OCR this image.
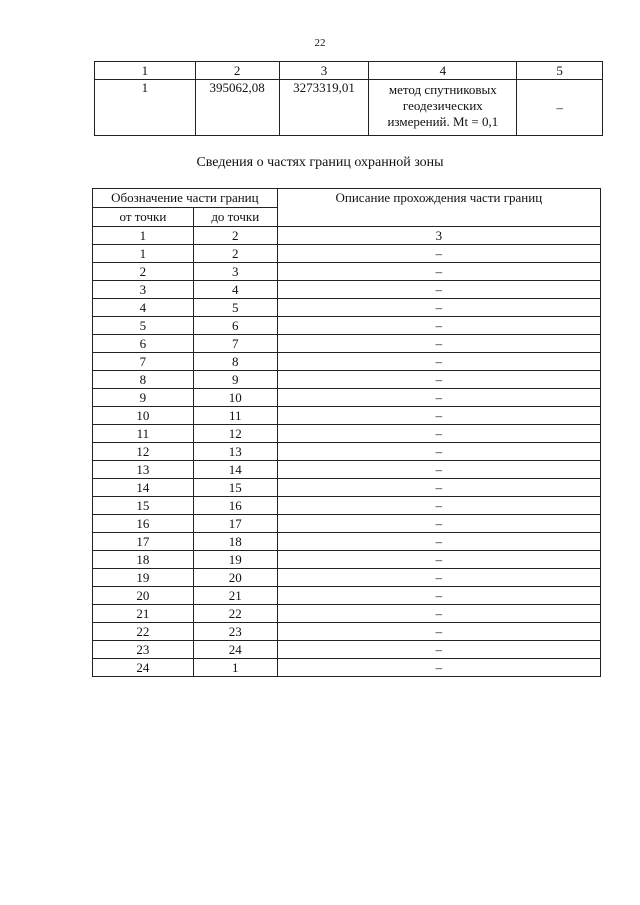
22
1	2	3	4	5
1	395062,08	3273319,01	метод спутниковых
геодезических
измерений. Mt = 0,1	–
Сведения о частях границ охранной зоны
Обозначение части границ		Описание прохождения части границ
от точки	до точки	
1	2	3
1	2	–
2	3	–
3	4	–
4	5	–
5	6	–
6	7	–
7	8	–
8	9	–
9	10	–
10	11	–
11	12	–
12	13	–
13	14	–
14	15	–
15	16	–
16	17	–
17	18	–
18	19	–
19	20	–
20	21	–
21	22	–
22	23	–
23	24	–
24	1	–
